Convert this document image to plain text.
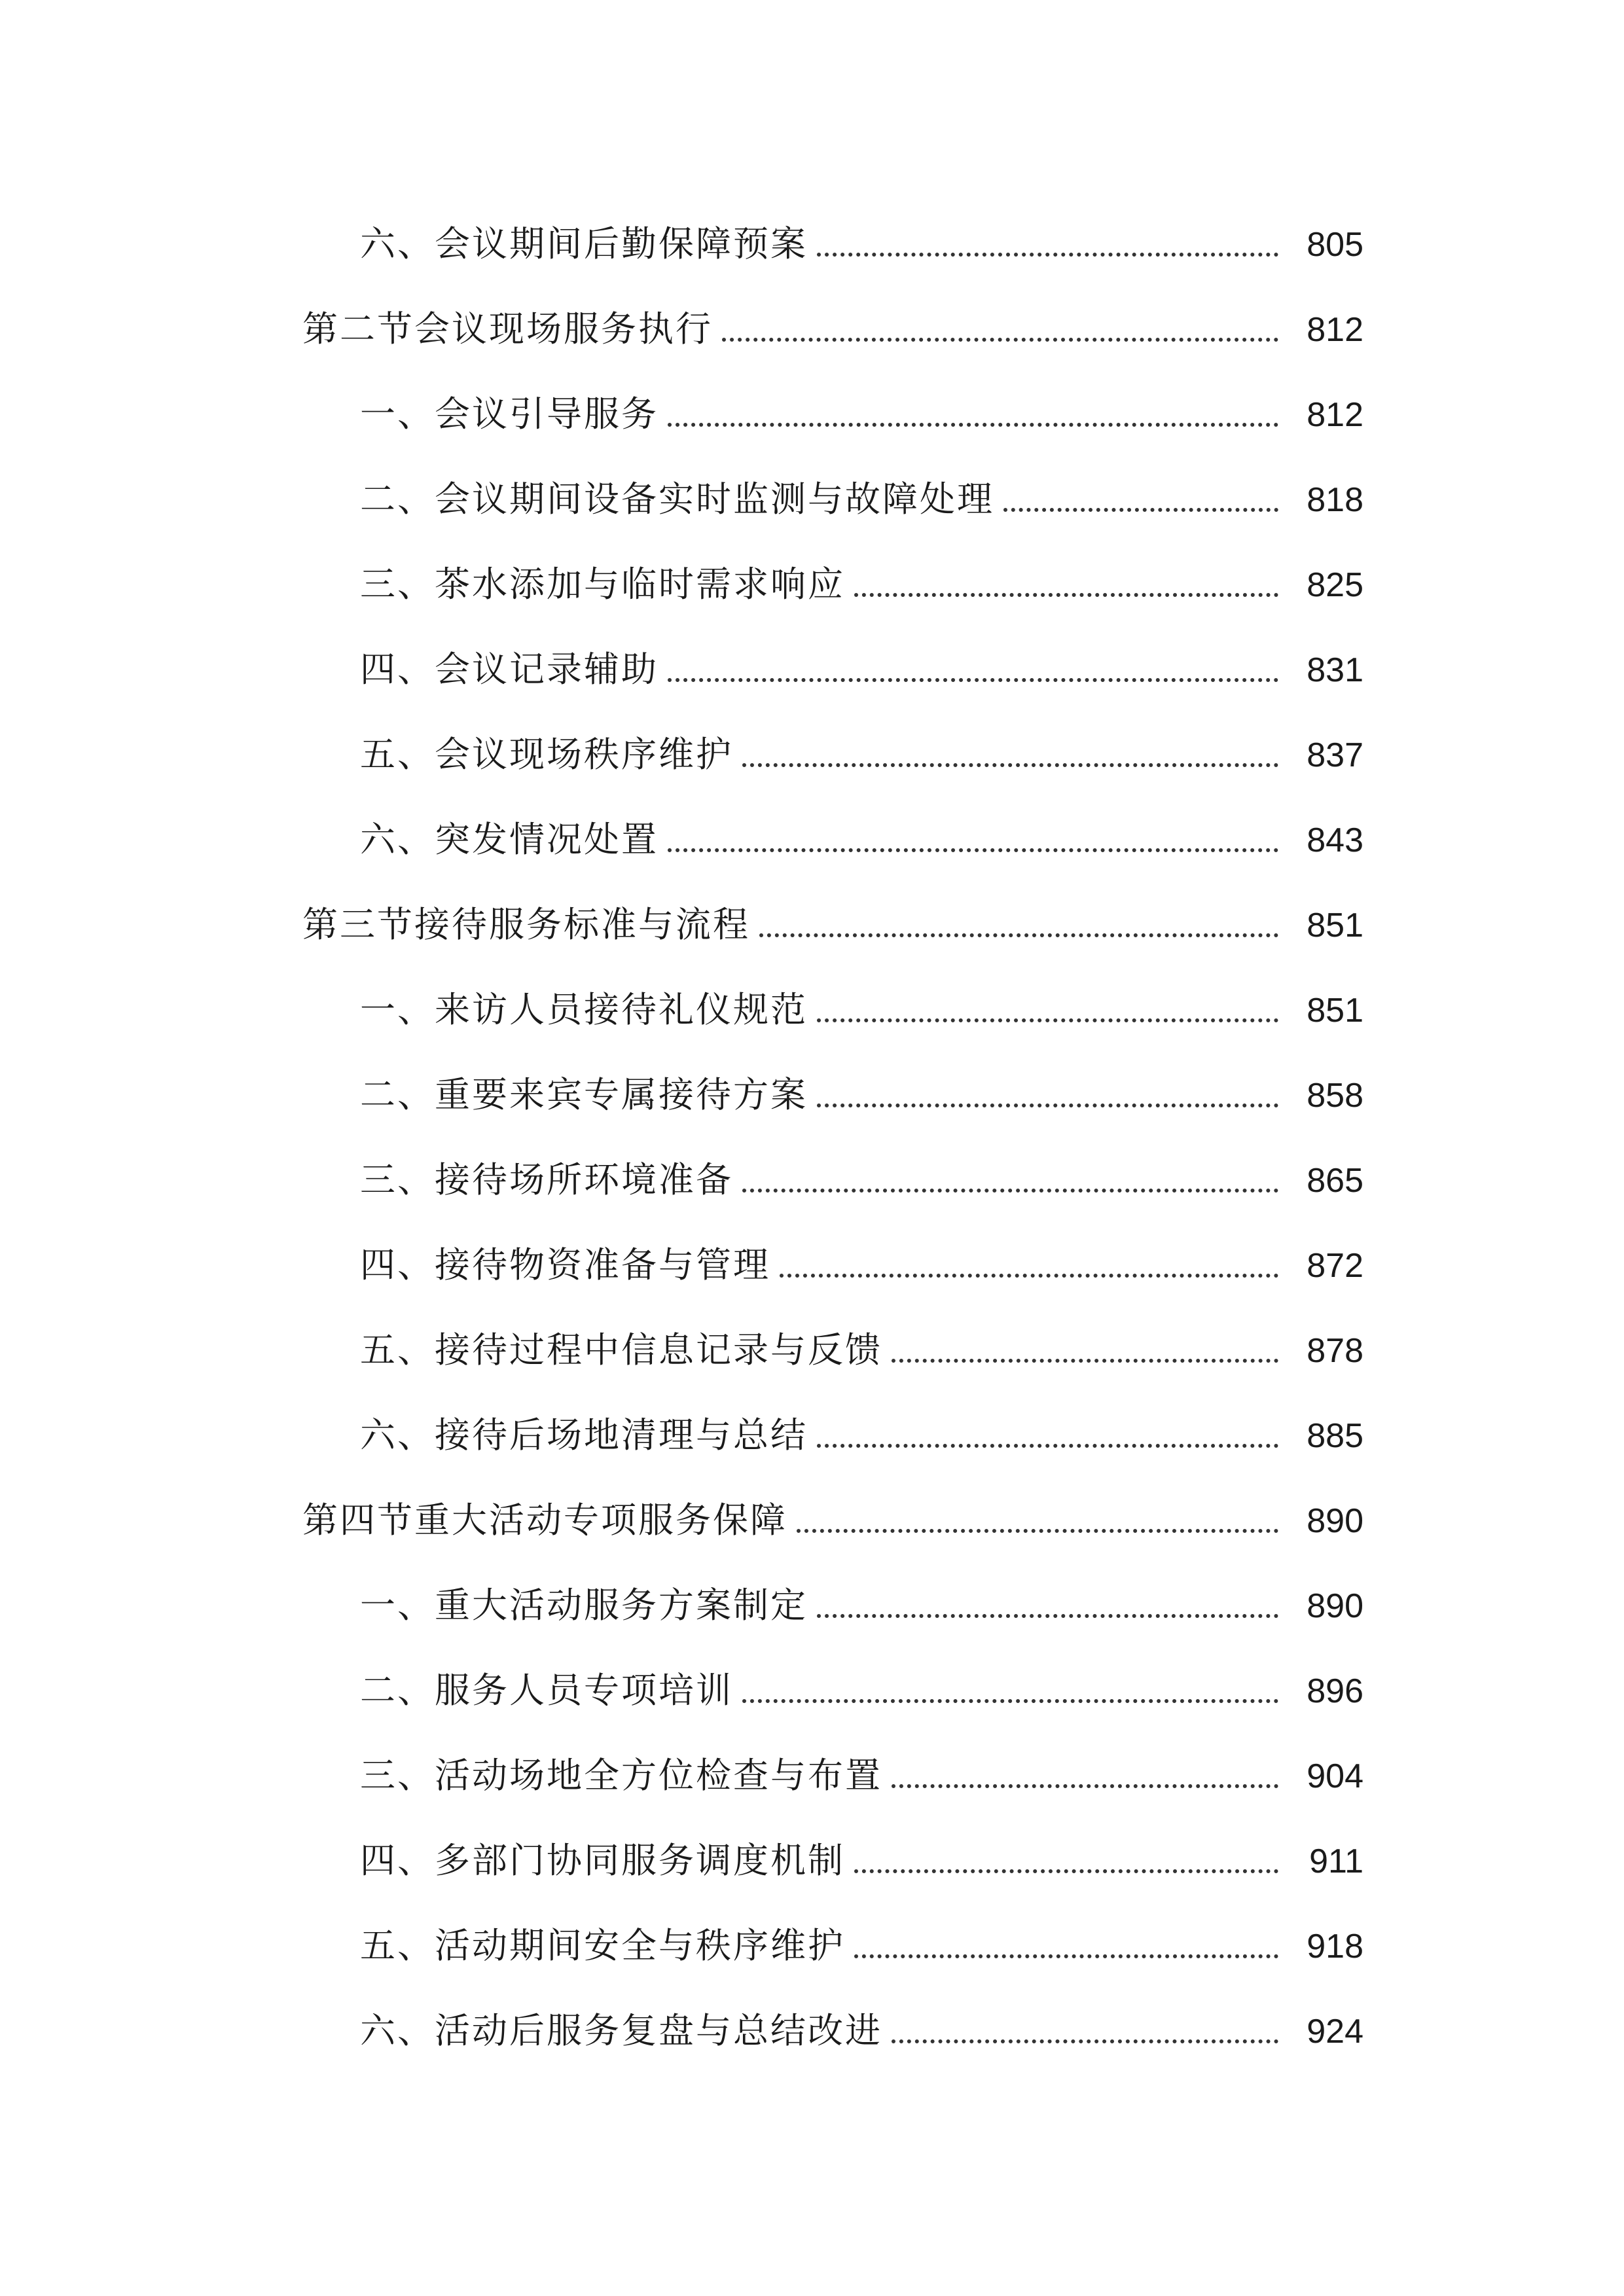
六、会议期间后勤保障预案	805
第二节会议现场服务执行	812
一、会议引导服务	812
二、会议期间设备实时监测与故障处理	818
三、茶水添加与临时需求响应	825
四、会议记录辅助	831
五、会议现场秩序维护	837
六、突发情况处置	843
第三节接待服务标准与流程	851
一、来访人员接待礼仪规范	851
二、重要来宾专属接待方案	858
三、接待场所环境准备	865
四、接待物资准备与管理	872
五、接待过程中信息记录与反馈	878
六、接待后场地清理与总结	885
第四节重大活动专项服务保障	890
一、重大活动服务方案制定	890
二、服务人员专项培训	896
三、活动场地全方位检查与布置	904
四、多部门协同服务调度机制	911
五、活动期间安全与秩序维护	918
六、活动后服务复盘与总结改进	924
